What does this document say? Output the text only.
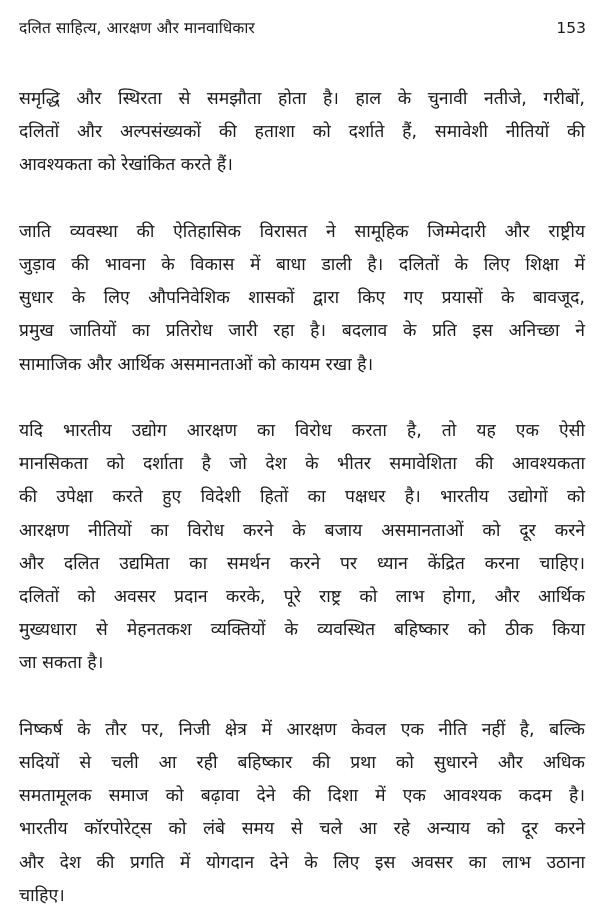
दलित साहित्य, आरक्षण और मानवाधिकार	153

समृद्धि और स्थिरता से समझौता होता है। हाल के चुनावी नतीजे, गरीबों,
दलितों और अल्पसंख्यकों की हताशा को दर्शाते हैं, समावेशी नीतियों की
आवश्यकता को रेखांकित करते हैं।

जाति व्यवस्था की ऐतिहासिक विरासत ने सामूहिक जिम्मेदारी और राष्ट्रीय
जुड़ाव की भावना के विकास में बाधा डाली है। दलितों के लिए शिक्षा में
सुधार के लिए औपनिवेशिक शासकों द्वारा किए गए प्रयासों के बावजूद,
प्रमुख जातियों का प्रतिरोध जारी रहा है। बदलाव के प्रति इस अनिच्छा ने
सामाजिक और आर्थिक असमानताओं को कायम रखा है।

यदि भारतीय उद्योग आरक्षण का विरोध करता है, तो यह एक ऐसी
मानसिकता को दर्शाता है जो देश के भीतर समावेशिता की आवश्यकता
की उपेक्षा करते हुए विदेशी हितों का पक्षधर है। भारतीय उद्योगों को
आरक्षण नीतियों का विरोध करने के बजाय असमानताओं को दूर करने
और दलित उद्यमिता का समर्थन करने पर ध्यान केंद्रित करना चाहिए।
दलितों को अवसर प्रदान करके, पूरे राष्ट्र को लाभ होगा, और आर्थिक
मुख्यधारा से मेहनतकश व्यक्तियों के व्यवस्थित बहिष्कार को ठीक किया
जा सकता है।

निष्कर्ष के तौर पर, निजी क्षेत्र में आरक्षण केवल एक नीति नहीं है, बल्कि
सदियों से चली आ रही बहिष्कार की प्रथा को सुधारने और अधिक
समतामूलक समाज को बढ़ावा देने की दिशा में एक आवश्यक कदम है।
भारतीय कॉरपोरेट्स को लंबे समय से चले आ रहे अन्याय को दूर करने
और देश की प्रगति में योगदान देने के लिए इस अवसर का लाभ उठाना
चाहिए।
